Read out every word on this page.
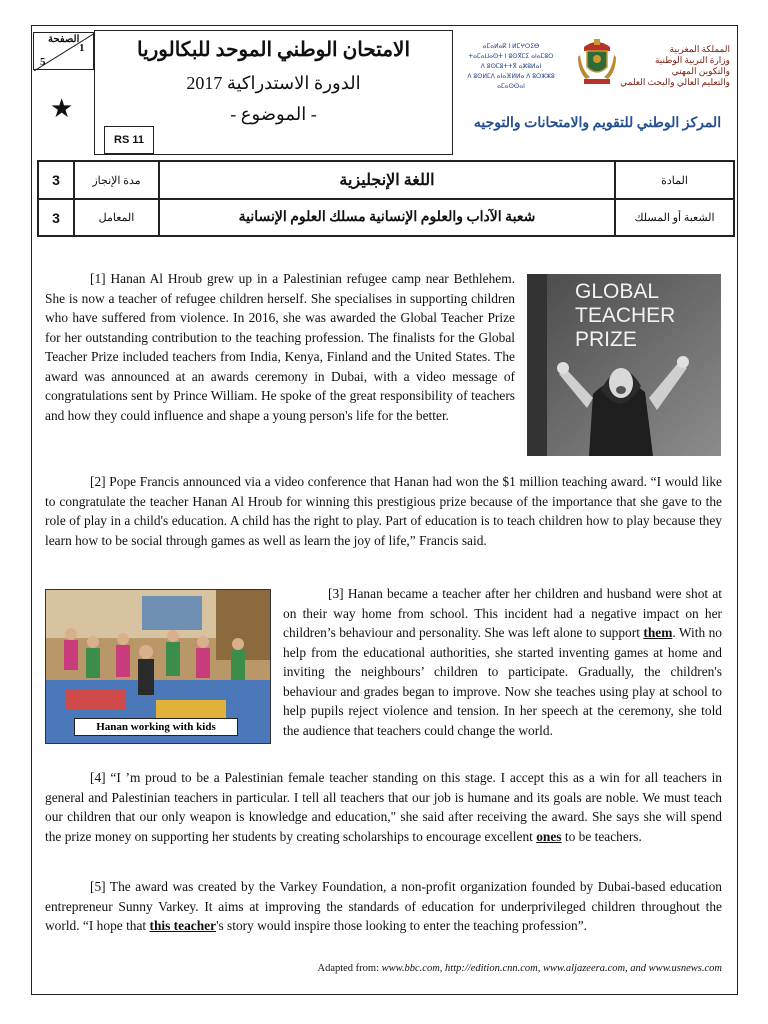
الصفحة
1
5
★
الامتحان الوطني الموحد للبكالوريا
الدورة الاستدراكية 2017
- الموضوع -
RS 11
ⴰⵎⴰⵍⴰⴽ ⵏ ⵍⵎⵖⵔⵉⴱ
ⵜⴰⵎⴰⵡⴰⵙⵜ ⵏ ⵓⵙⴳⵎⵉ ⴰⵏⴰⵎⵓⵔ
ⴷ ⵓⵙⵎⵓⵜⵜⴳ ⴰⵣⵓⵍⴰⵏ
ⴷ ⵓⵙⵍⵎⴷ ⴰⵏⴰⴼⵍⵍⴰ ⴷ ⵓⵔⵣⵣⵓ ⴰⵎⴰⵙⵙⴰⵏ
المملكة المغربية
وزارة التربية الوطنية
والتكوين المهني
والتعليم العالي والبحث العلمي
المركز الوطني للتقويم والامتحانات والتوجيه
3	مدة الإنجاز	اللغة الإنجليزية	المادة
3	المعامل	شعبة الآداب والعلوم الإنسانية مسلك العلوم الإنسانية	الشعبة أو المسلك
[1] Hanan Al Hroub grew up in a Palestinian refugee camp near Bethlehem. She is now a teacher of refugee children herself. She specialises in supporting children who have suffered from violence. In 2016, she was awarded the Global Teacher Prize for her outstanding contribution to the teaching profession. The finalists for the Global Teacher Prize included teachers from India, Kenya, Finland and the United States. The award was announced at an awards ceremony in Dubai, with a video message of congratulations sent by Prince William. He spoke of the great responsibility of teachers and how they could influence and shape a young person's life for the better.
GLOBAL
TEACHER
PRIZE
[2] Pope Francis announced via a video conference that Hanan had won the $1 million teaching award. “I would like to congratulate the teacher Hanan Al Hroub for winning this prestigious prize because of the importance that she gave to the role of play in a child's education. A child has the right to play. Part of education is to teach children how to play because they learn how to be social through games as well as learn the joy of life,” Francis said.
Hanan working with kids
[3] Hanan became a teacher after her children and husband were shot at on their way home from school. This incident had a negative impact on her children’s behaviour and personality. She was left alone to support them. With no help from the educational authorities, she started inventing games at home and inviting the neighbours’ children to participate. Gradually, the children's behaviour and grades began to improve. Now she teaches using play at school to help pupils reject violence and tension. In her speech at the ceremony, she told the audience that teachers could change the world.
[4] “I ’m proud to be a Palestinian female teacher standing on this stage. I accept this as a win for all teachers in general and Palestinian teachers in particular. I tell all teachers that our job is humane and its goals are noble. We must teach our children that our only weapon is knowledge and education," she said after receiving the award. She says she will spend the prize money on supporting her students by creating scholarships to encourage excellent ones to be teachers.
[5] The award was created by the Varkey Foundation, a non-profit organization founded by Dubai-based education entrepreneur Sunny Varkey. It aims at improving the standards of education for underprivileged children throughout the world. “I hope that this teacher's story would inspire those looking to enter the teaching profession”.
Adapted from: www.bbc.com, http://edition.cnn.com, www.aljazeera.com, and www.usnews.com
